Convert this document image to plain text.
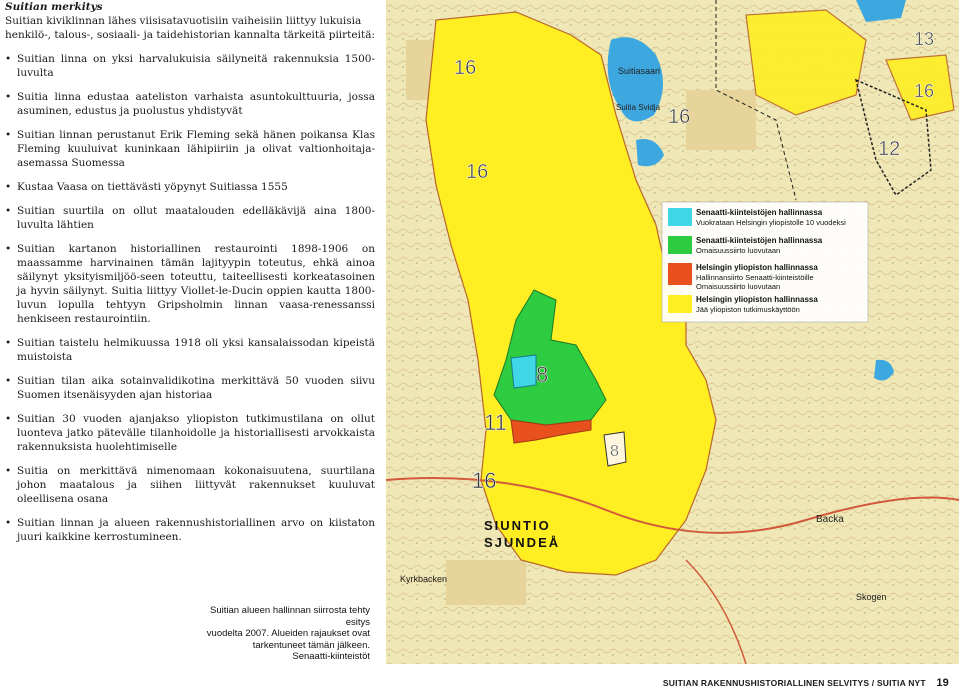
Suitian merkitys

Suitian kiviklinnan lähes viisisatavuotisiin vaiheisiin liittyy lukuisia henkilö-, talous-, sosiaali- ja taidehistorian kannalta tärkeitä piirteitä:

• Suitian linna on yksi harvalukuisia säilyneitä rakennuksia 1500-luvulta
• Suitia linna edustaa aateliston varhaista asuntokulttuuria, jossa asuminen, edustus ja puolustus yhdistyvät
• Suitian linnan perustanut Erik Fleming sekä hänen poikansa Klas Fleming kuuluivat kuninkaan lähipiiriin ja olivat valtionhoitaja-asemassa Suomessa
• Kustaa Vaasa on tiettävästi yöpynyt Suitiassa 1555
• Suitian suurtila on ollut maatalouden edelläkävijä aina 1800-luvulta lähtien
• Suitian kartanon historiallinen restaurointi 1898-1906 on maassamme harvinainen tämän lajityypin toteutus, ehkä ainoa säilynyt yksityismiljöö-seen toteuttu, taiteellisesti korkeatasoinen ja hyvin säilynyt. Suitia liittyy Viollet-le-Ducin oppien kautta 1800-luvun lopulla tehtyyn Gripsholmin linnan vaasa-renessanssi henkiseen restaurointiin.
• Suitian taistelu helmikuussa 1918 oli yksi kansalaissodan kipeistä muistoista
• Suitian tilan aika sotainvalidikotina merkittävä 50 vuoden siivu Suomen itsenäisyyden ajan historiaa
• Suitian 30 vuoden ajanjakso yliopiston tutkimustilana on ollut luonteva jatko pätevälle tilanhoidolle ja historiallisesti arvokkaista rakennuksista huolehtimiselle
• Suitia on merkittävä nimenomaan kokonaisuutena, suurtilana johon maatalous ja siihen liittyvät rakennukset kuuluvat oleellisena osana
• Suitian linnan ja alueen rakennushistoriallinen arvo on kiistaton juuri kaikkine kerrostumineen.
Suitian alueen hallinnan siirrosta tehty esitys
vuodelta 2007. Alueiden rajaukset ovat
tarkentuneet tämän jälkeen.
Senaatti-kiinteistöt
13
16
16
16
12
16
8
11
16
8
Suitiasaari
Suitia Svidja
SIUNTIO
SJUNDEÅ
Backa
Kyrkbacken
Skogen
Senaatti-kiinteistöjen hallinnassa
Vuokrataan Helsingin yliopistolle 10 vuodeksi
Senaatti-kiinteistöjen hallinnassa
Omaisuussiirto luovutaan
Helsingin yliopiston hallinnassa
Hallinnansiirto Senaatti-kiinteistöille
Omaisuussiirto luovutaan
Helsingin yliopiston hallinnassa
Jää yliopiston tutkimuskäyttöön
SUITIAN RAKENNUSHISTORIALLINEN SELVITYS / SUITIA NYT 19
